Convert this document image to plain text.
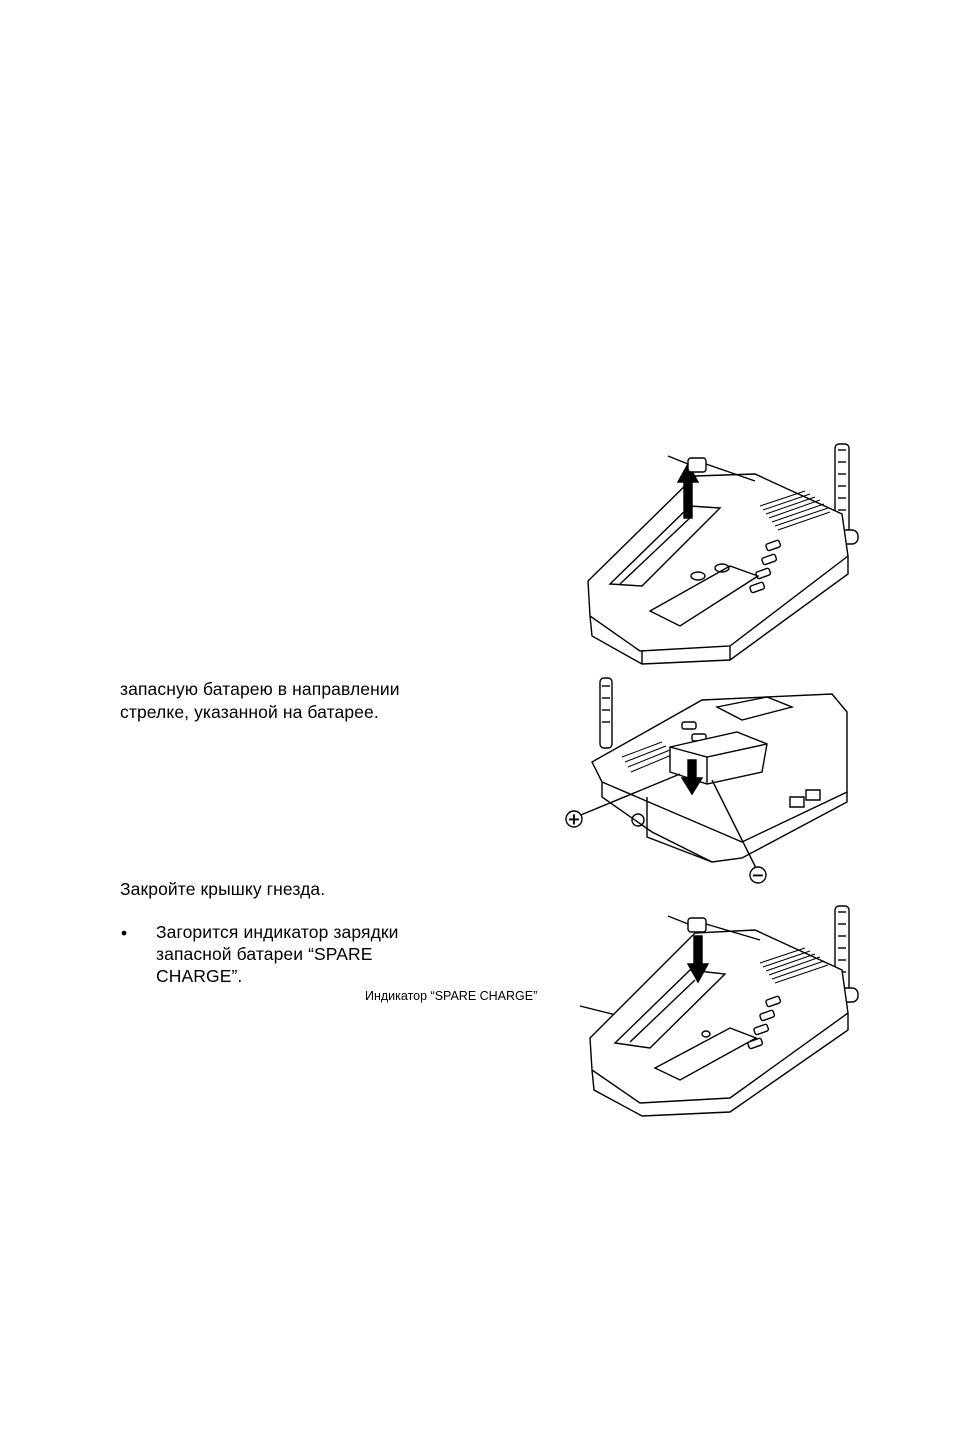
запасную батарею в направлении
стрелке, указанной на батарее.
+
−
Закройте крышку гнезда.
• Загорится индикатор зарядки
запасной батареи “SPARE
CHARGE”.
Индикатор “SPARE CHARGE”
